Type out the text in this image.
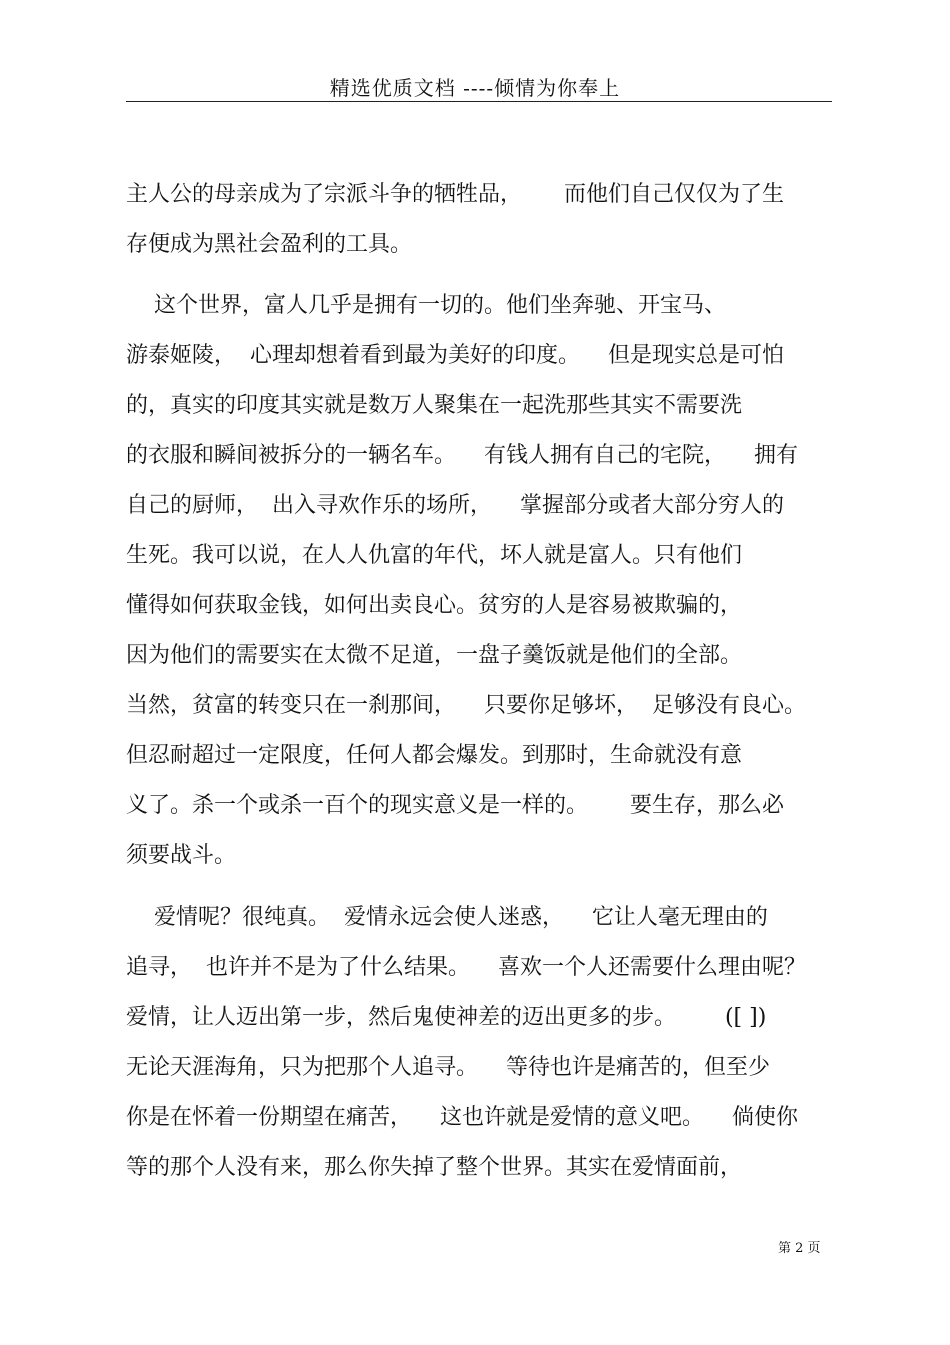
精选优质文档 ----倾情为你奉上
主人公的母亲成为了宗派斗争的牺牲品，      而他们自己仅仅为了生
存便成为黑社会盈利的工具。
这个世界，富人几乎是拥有一切的。他们坐奔驰、开宝马、
游泰姬陵，  心理却想着看到最为美好的印度。    但是现实总是可怕
的，真实的印度其实就是数万人聚集在一起洗那些其实不需要洗
的衣服和瞬间被拆分的一辆名车。    有钱人拥有自己的宅院，    拥有
自己的厨师，  出入寻欢作乐的场所，    掌握部分或者大部分穷人的
生死。我可以说，在人人仇富的年代，坏人就是富人。只有他们
懂得如何获取金钱，如何出卖良心。贫穷的人是容易被欺骗的，
因为他们的需要实在太微不足道，一盘子羹饭就是他们的全部。
当然，贫富的转变只在一刹那间，    只要你足够坏，  足够没有良心。
但忍耐超过一定限度，任何人都会爆发。到那时，生命就没有意
义了。杀一个或杀一百个的现实意义是一样的。      要生存，那么必
须要战斗。
爱情呢？很纯真。  爱情永远会使人迷惑，    它让人毫无理由的
追寻，  也许并不是为了什么结果。    喜欢一个人还需要什么理由呢？
爱情，让人迈出第一步，然后鬼使神差的迈出更多的步。       ([ ])
无论天涯海角，只为把那个人追寻。    等待也许是痛苦的，但至少
你是在怀着一份期望在痛苦，    这也许就是爱情的意义吧。    倘使你
等的那个人没有来，那么你失掉了整个世界。其实在爱情面前，
第 2 页
